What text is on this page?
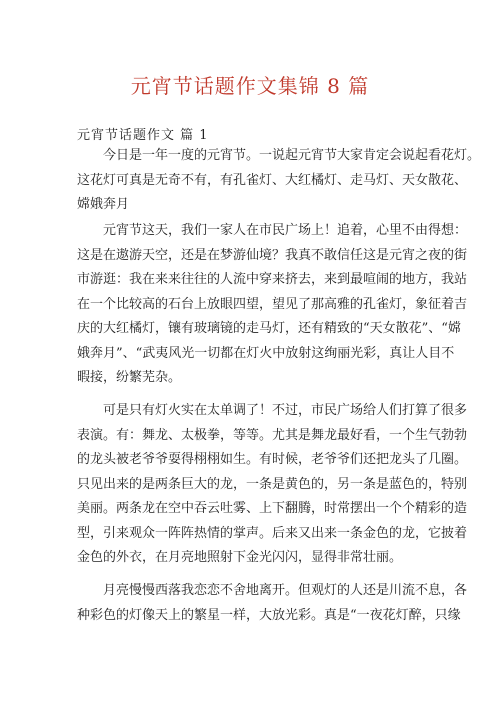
元宵节话题作文集锦 8 篇
元宵节话题作文 篇 1

　　今日是一年一度的元宵节。一说起元宵节大家肯定会说起看花灯。
这花灯可真是无奇不有，有孔雀灯、大红橘灯、走马灯、天女散花、
嫦娥奔月

　　元宵节这天，我们一家人在市民广场上！追着，心里不由得想：
这是在遨游天空，还是在梦游仙境？我真不敢信任这是元宵之夜的街
市游逛：我在来来往往的人流中穿来挤去，来到最喧闹的地方，我站
在一个比较高的石台上放眼四望，望见了那高雅的孔雀灯，象征着吉
庆的大红橘灯，镶有玻璃镜的走马灯，还有精致的“天女散花”、“嫦
娥奔月”、“武夷风光一切都在灯火中放射这绚丽光彩，真让人目不
暇接，纷繁芜杂。

　　可是只有灯火实在太单调了！不过，市民广场给人们打算了很多
表演。有：舞龙、太极拳，等等。尤其是舞龙最好看，一个生气勃勃
的龙头被老爷爷耍得栩栩如生。有时候，老爷爷们还把龙头了几圈。
只见出来的是两条巨大的龙，一条是黄色的，另一条是蓝色的，特别
美丽。两条龙在空中吞云吐雾、上下翻腾，时常摆出一个个精彩的造
型，引来观众一阵阵热情的掌声。后来又出来一条金色的龙，它披着
金色的外衣，在月亮地照射下金光闪闪，显得非常壮丽。

　　月亮慢慢西落我恋恋不舍地离开。但观灯的人还是川流不息，各
种彩色的灯像天上的繁星一样，大放光彩。真是“一夜花灯醉，只缘
